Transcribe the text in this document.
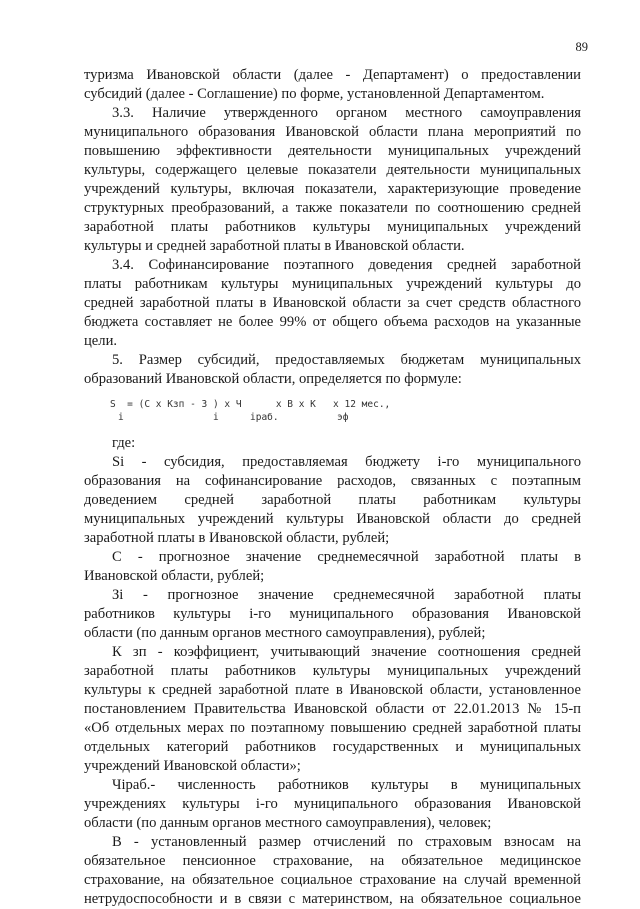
89
туризма Ивановской области (далее - Департамент) о предоставлении
субсидий (далее - Соглашение) по форме, установленной Департаментом.
3.3. Наличие утвержденного органом местного самоуправления
муниципального образования Ивановской области плана мероприятий по
повышению эффективности деятельности муниципальных учреждений
культуры, содержащего целевые показатели деятельности муниципальных
учреждений культуры, включая показатели, характеризующие проведение
структурных преобразований, а также показатели по соотношению средней
заработной платы работников культуры муниципальных учреждений
культуры и средней заработной платы в Ивановской области.
3.4. Софинансирование поэтапного доведения средней заработной
платы работникам культуры муниципальных учреждений культуры до
средней заработной платы в Ивановской области за счет средств областного
бюджета составляет не более 99% от общего объема расходов на указанные
цели.
5. Размер субсидий, предоставляемых бюджетам муниципальных
образований Ивановской области, определяется по формуле:
S  = (C x Kзп - З ) x Ч      x B x K   x 12 мес.,
i	i	iраб.	эф
где:
Si - субсидия, предоставляемая бюджету i-го муниципального
образования на софинансирование расходов, связанных с поэтапным
доведением средней заработной платы работникам культуры
муниципальных учреждений культуры Ивановской области до средней
заработной платы в Ивановской области, рублей;
С - прогнозное значение среднемесячной заработной платы в
Ивановской области, рублей;
Зi - прогнозное значение среднемесячной заработной платы
работников культуры i-го муниципального образования Ивановской
области (по данным органов местного самоуправления), рублей;
К зп - коэффициент, учитывающий значение соотношения средней
заработной платы работников культуры муниципальных учреждений
культуры к средней заработной плате в Ивановской области, установленное
постановлением Правительства Ивановской области от 22.01.2013 № 15-п
«Об отдельных мерах по поэтапному повышению средней заработной платы
отдельных категорий работников государственных и муниципальных
учреждений Ивановской области»;
Чipаб.- численность работников культуры в муниципальных
учреждениях культуры i-го муниципального образования Ивановской
области (по данным органов местного самоуправления), человек;
В - установленный размер отчислений по страховым взносам на
обязательное пенсионное страхование, на обязательное медицинское
страхование, на обязательное социальное страхование на случай временной
нетрудоспособности и в связи с материнством, на обязательное социальное
